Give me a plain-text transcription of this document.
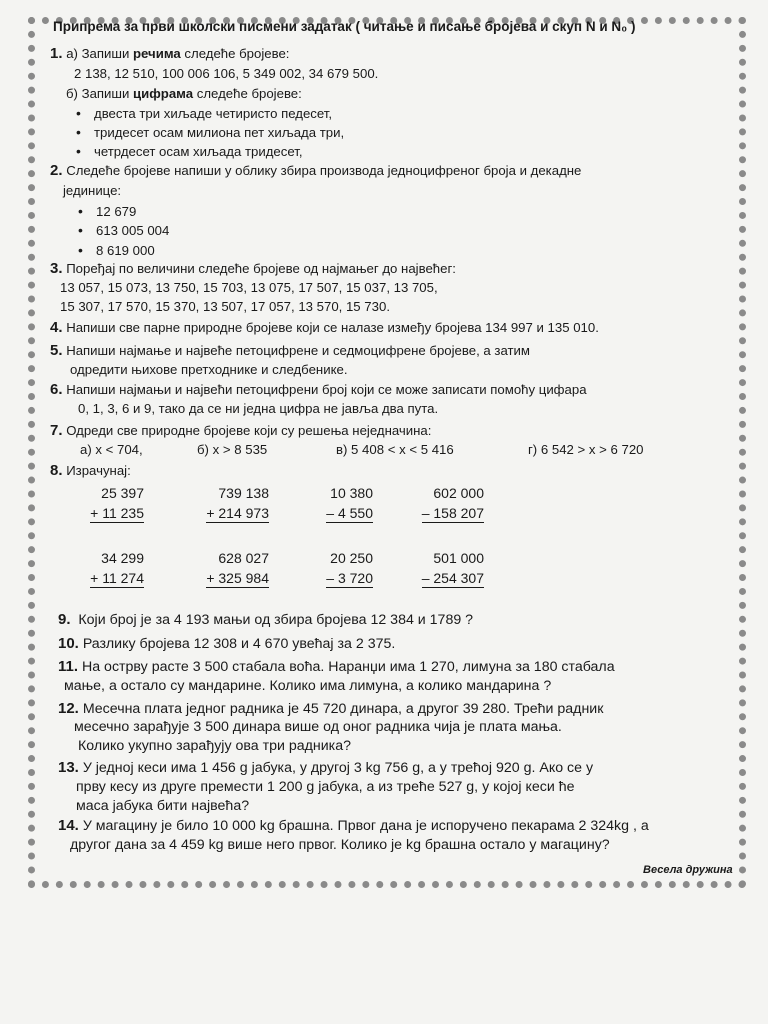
Припрема за први школски писмени задатак ( читање и писање бројева и скуп N и N₀ )
1. а) Запиши речима следеће бројеве:
2 138, 12 510, 100 006 106, 5 349 002, 34 679 500.
б) Запиши цифрама следеће бројеве:
• двеста три хиљаде четиристо педесет,
• тридесет осам милиона пет хиљада три,
• четрдесет осам хиљада тридесет,
2. Следеће бројеве напиши у облику збира производа једноцифреног броја и декадне
јединице:
• 12 679
• 613 005 004
• 8 619 000
3. Поређај по величини следеће бројеве од најмањег до највећег:
13 057, 15 073, 13 750, 15 703, 13 075, 17 507, 15 037, 13 705,
15 307, 17 570, 15 370, 13 507, 17 057, 13 570, 15 730.
4. Напиши све парне природне бројеве који се налазе између бројева 134 997 и 135 010.
5. Напиши најмање и највеће петоцифрене и седмоцифрене бројеве, а затим
одредити њихове претходнике и следбенике.
6. Напиши најмањи и највећи петоцифрени број који се може записати помоћу цифара
0, 1, 3, 6 и 9, тако да се ни једна цифра не јавља два пута.
7. Одреди све природне бројеве који су решења неједначина:
а) x < 704,	б) x > 8 535	в) 5 408 < x < 5 416	г) 6 542 > x > 6 720
8. Израчунај:
25 397	739 138	10 380	602 000
+ 11 235	+ 214 973	– 4 550	– 158 207
34 299	628 027	20 250	501 000
+ 11 274	+ 325 984	– 3 720	– 254 307
9. Који број је за 4 193 мањи од збира бројева 12 384 и 1789 ?
10. Разлику бројева 12 308 и 4 670 увећај за 2 375.
11. На острву расте 3 500 стабала воћа. Наранџи има 1 270, лимуна за 180 стабала
мање, а остало су мандарине. Колико има лимуна, а колико мандарина ?
12. Месечна плата једног радника је 45 720 динара, а другог 39 280. Трећи радник
месечно зарађује 3 500 динара више од оног радника чија је плата мања.
Колико укупно зарађују ова три радника?
13. У једној кеси има 1 456 g јабука, у другој 3 kg 756 g, а у трећој 920 g. Ако се у
прву кесу из друге премести 1 200 g јабука, а из треће 527 g, у којој кеси ће
маса јабука бити највећа?
14. У магацину је било 10 000 kg брашна. Првог дана је испоручено пекарама 2 324kg , а
другог дана за 4 459 kg више него првог. Колико је kg брашна остало у магацину?
Весела дружина
